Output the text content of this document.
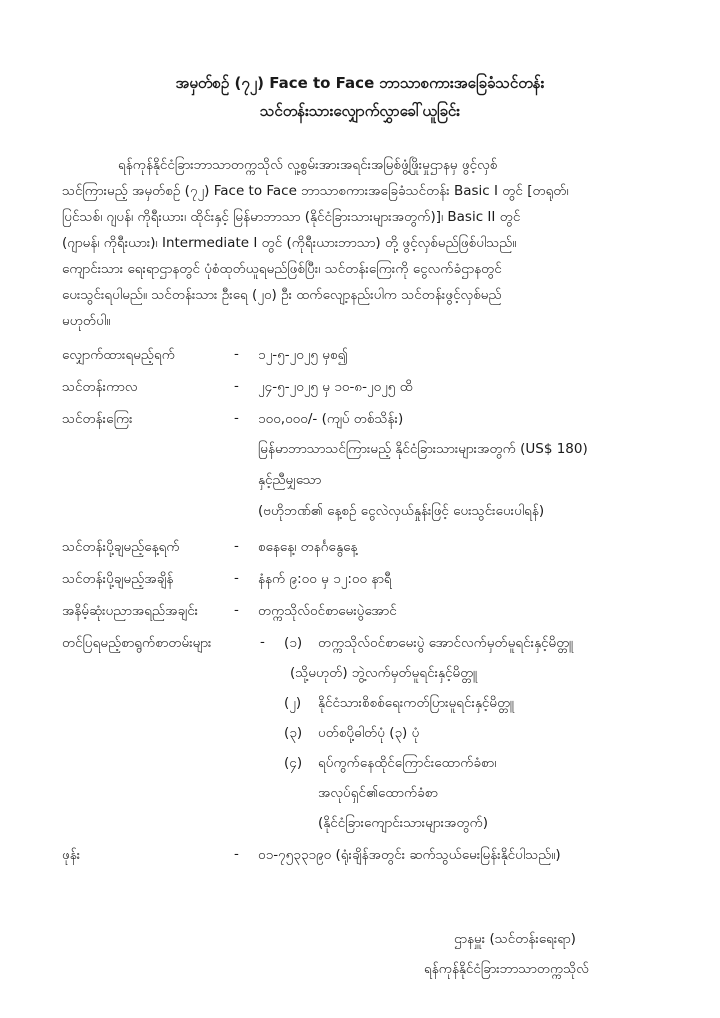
အမှတ်စဉ် (၇၂) Face to Face ဘာသာစကားအခြေခံသင်တန်း
သင်တန်းသားလျှောက်လွှာခေါ်ယူခြင်း
ရန်ကုန်နိုင်ငံခြားဘာသာတက္ကသိုလ် လူ့စွမ်းအားအရင်းအမြစ်ဖွံ့ဖြိုးမှုဌာနမှ ဖွင့်လှစ်
သင်ကြားမည့် အမှတ်စဉ် (၇၂) Face to Face ဘာသာစကားအခြေခံသင်တန်း Basic I တွင် [တရုတ်၊
ပြင်သစ်၊ ဂျပန်၊ ကိုရီးယား၊ ထိုင်းနှင့် မြန်မာဘာသာ (နိုင်ငံခြားသားများအတွက်)]၊ Basic II တွင်
(ဂျာမန်၊ ကိုရီးယား)၊ Intermediate I တွင် (ကိုရီးယားဘာသာ) တို့ ဖွင့်လှစ်မည်ဖြစ်ပါသည်။
ကျောင်းသား ရေးရာဌာနတွင် ပုံစံထုတ်ယူရမည်ဖြစ်ပြီး၊ သင်တန်းကြေးကို ငွေလက်ခံဌာနတွင်
ပေးသွင်းရပါမည်။ သင်တန်းသား ဦးရေ (၂၀) ဦး ထက်လျော့နည်းပါက သင်တန်းဖွင့်လှစ်မည်
မဟုတ်ပါ။
လျှောက်ထားရမည့်ရက်	- ၁၂-၅-၂၀၂၅ မှစ၍
သင်တန်းကာလ	- ၂၄-၅-၂၀၂၅ မှ ၁၀-၈-၂၀၂၅ ထိ
သင်တန်းကြေး	- ၁၀၀,၀၀၀/- (ကျပ် တစ်သိန်း)
မြန်မာဘာသာသင်ကြားမည့် နိုင်ငံခြားသားများအတွက် (US$ 180)
နှင့်ညီမျှသော
(ဗဟိုဘဏ်၏ နေ့စဉ် ငွေလဲလှယ်နှုန်းဖြင့် ပေးသွင်းပေးပါရန်)
သင်တန်းပို့ချမည့်နေ့ရက်	- စနေနေ့၊ တနင်္ဂနွေနေ့
သင်တန်းပို့ချမည့်အချိန်	- နံနက် ၉:၀၀ မှ ၁၂:၀၀ နာရီ
အနိမ့်ဆုံးပညာအရည်အချင်း	- တက္ကသိုလ်ဝင်စာမေးပွဲအောင်
တင်ပြရမည့်စာရွက်စာတမ်းများ	- (၁) တက္ကသိုလ်ဝင်စာမေးပွဲ အောင်လက်မှတ်မူရင်းနှင့်မိတ္တူ
(သို့မဟုတ်) ဘွဲ့လက်မှတ်မူရင်းနှင့်မိတ္တူ
(၂) နိုင်ငံသားစိစစ်ရေးကတ်ပြားမူရင်းနှင့်မိတ္တူ
(၃) ပတ်စပို့ဓါတ်ပုံ (၃) ပုံ
(၄) ရပ်ကွက်နေထိုင်ကြောင်းထောက်ခံစာ၊
အလုပ်ရှင်၏ထောက်ခံစာ
(နိုင်ငံခြားကျောင်းသားများအတွက်)
ဖုန်း	- ၀၁-၇၅၃၃၁၉၀ (ရုံးချိန်အတွင်း ဆက်သွယ်မေးမြန်းနိုင်ပါသည်။)
ဌာနမှူး (သင်တန်းရေးရာ)
ရန်ကုန်နိုင်ငံခြားဘာသာတက္ကသိုလ်
